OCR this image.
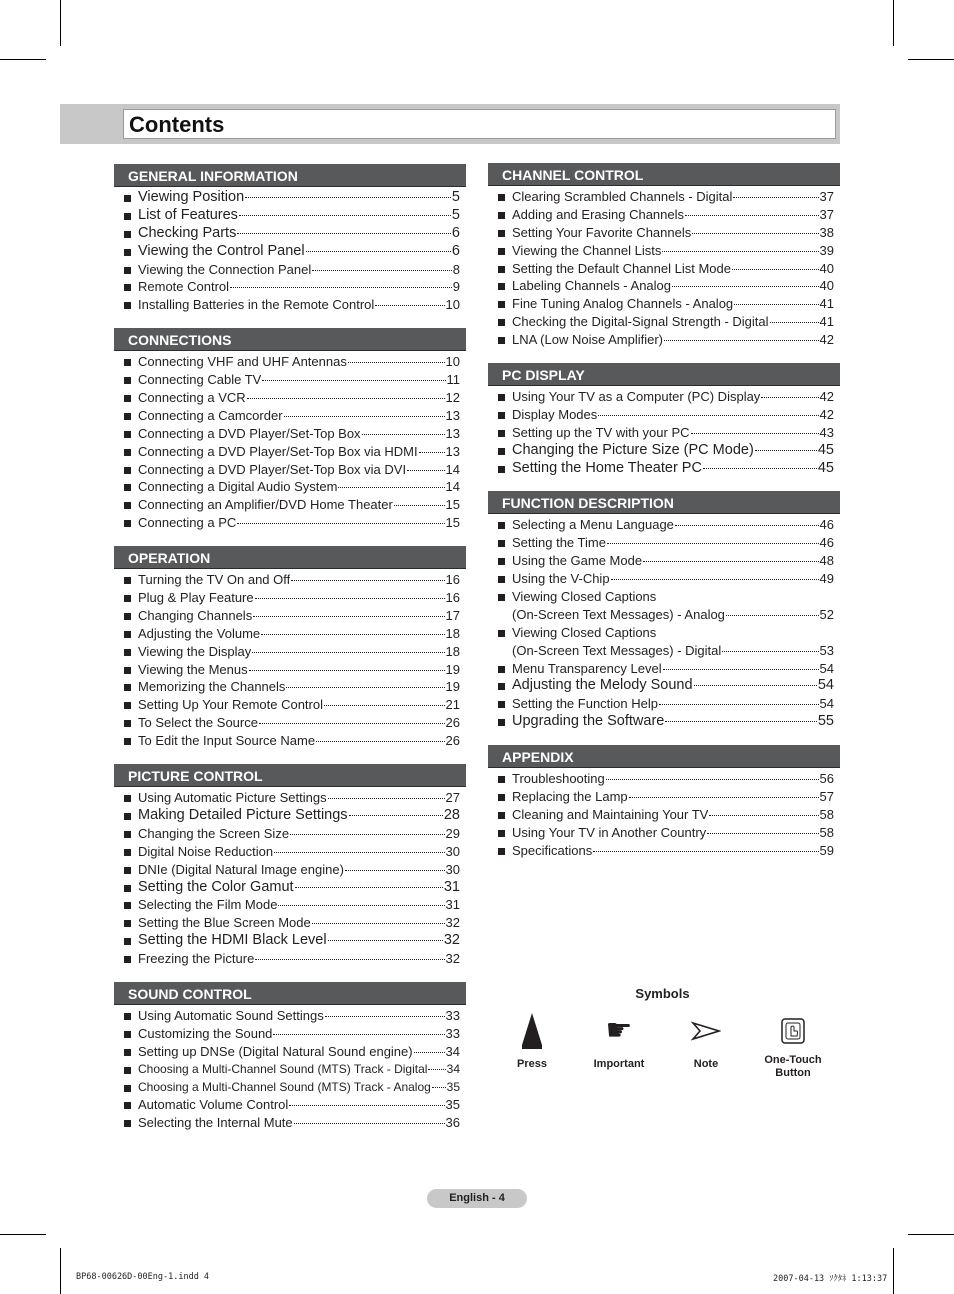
Contents
GENERAL INFORMATION
Viewing Position	5
List of Features	5
Checking Parts	6
Viewing the Control Panel	6
Viewing the Connection Panel	8
Remote Control	9
Installing Batteries in the Remote Control	10
CONNECTIONS
Connecting VHF and UHF Antennas	10
Connecting Cable TV	11
Connecting a VCR	12
Connecting a Camcorder	13
Connecting a DVD Player/Set-Top Box	13
Connecting a DVD Player/Set-Top Box via HDMI 13
Connecting a DVD Player/Set-Top Box via DVI	14
Connecting a Digital Audio System	14
Connecting an Amplifier/DVD Home Theater	15
Connecting a PC	15
OPERATION
Turning the TV On and Off	16
Plug & Play Feature	16
Changing Channels	17
Adjusting the Volume	18
Viewing the Display	18
Viewing the Menus	19
Memorizing the Channels	19
Setting Up Your Remote Control	21
To Select the Source	26
To Edit the Input Source Name	26
PICTURE CONTROL
Using Automatic Picture Settings	27
Making Detailed Picture Settings	28
Changing the Screen Size	29
Digital Noise Reduction	30
DNIe (Digital Natural Image engine)	30
Setting the Color Gamut	31
Selecting the Film Mode	31
Setting the Blue Screen Mode	32
Setting the HDMI Black Level	32
Freezing the Picture	32
SOUND CONTROL
Using Automatic Sound Settings	33
Customizing the Sound	33
Setting up DNSe (Digital Natural Sound engine)	34
Choosing a Multi-Channel Sound (MTS) Track - Digital 34
Choosing a Multi-Channel Sound (MTS) Track - Analog 35
Automatic Volume Control	35
Selecting the Internal Mute	36
CHANNEL CONTROL
Clearing Scrambled Channels - Digital	37
Adding and Erasing Channels	37
Setting Your Favorite Channels	38
Viewing the Channel Lists	39
Setting the Default Channel List Mode	40
Labeling Channels - Analog	40
Fine Tuning Analog Channels - Analog	41
Checking the Digital-Signal Strength - Digital	41
LNA (Low Noise Amplifier)	42
PC DISPLAY
Using Your TV as a Computer (PC) Display	42
Display Modes	42
Setting up the TV with your PC	43
Changing the Picture Size (PC Mode)	45
Setting the Home Theater PC	45
FUNCTION DESCRIPTION
Selecting a Menu Language	46
Setting the Time	46
Using the Game Mode	48
Using the V-Chip	49
Viewing Closed Captions
(On-Screen Text Messages) - Analog	52
Viewing Closed Captions
(On-Screen Text Messages) - Digital	53
Menu Transparency Level	54
Adjusting the Melody Sound	54
Setting the Function Help	54
Upgrading the Software	55
APPENDIX
Troubleshooting	56
Replacing the Lamp	57
Cleaning and Maintaining Your TV	58
Using Your TV in Another Country	58
Specifications	59
Symbols
Press
☛
Important	Note	One-Touch
Button
English - 4
BP68-00626D-00Eng-1.indd 4	2007-04-13 ｿｸﾀﾈ 1:13:37
